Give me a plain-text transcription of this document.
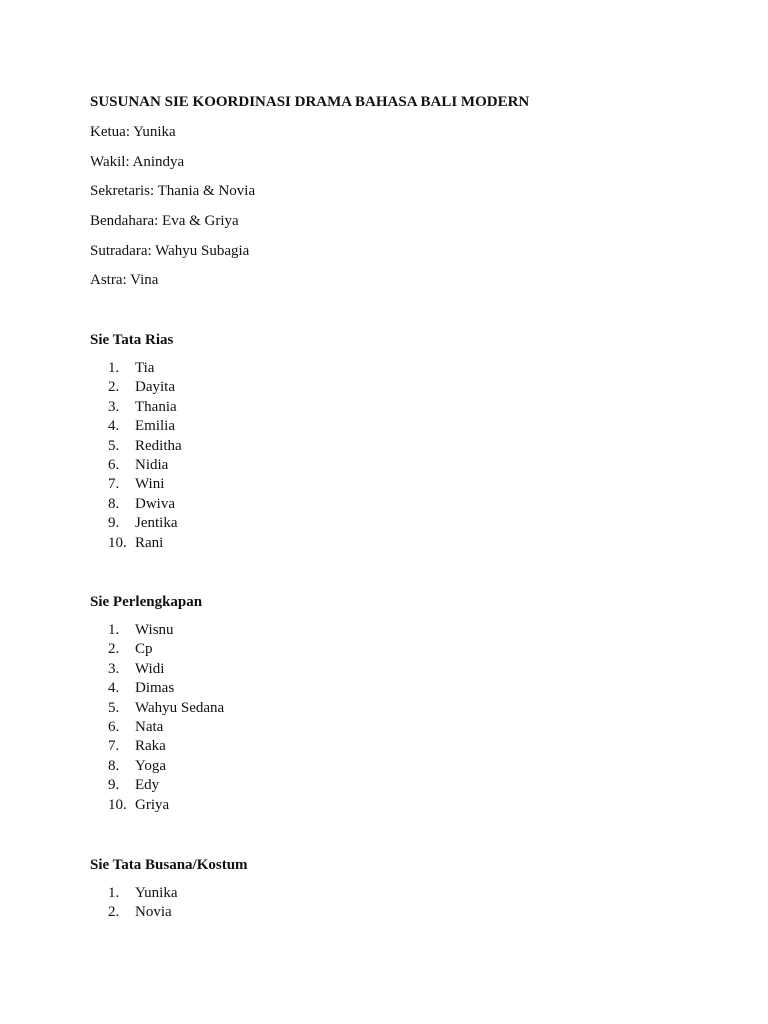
SUSUNAN SIE KOORDINASI DRAMA BAHASA BALI MODERN
Ketua: Yunika
Wakil: Anindya
Sekretaris: Thania & Novia
Bendahara: Eva & Griya
Sutradara: Wahyu Subagia
Astra: Vina
Sie Tata Rias
1.	Tia
2.	Dayita
3.	Thania
4.	Emilia
5.	Reditha
6.	Nidia
7.	Wini
8.	Dwiva
9.	Jentika
10. Rani
Sie Perlengkapan
1.	Wisnu
2.	Cp
3.	Widi
4.	Dimas
5.	Wahyu Sedana
6.	Nata
7.	Raka
8.	Yoga
9.	Edy
10. Griya
Sie Tata Busana/Kostum
1.	Yunika
2.	Novia
